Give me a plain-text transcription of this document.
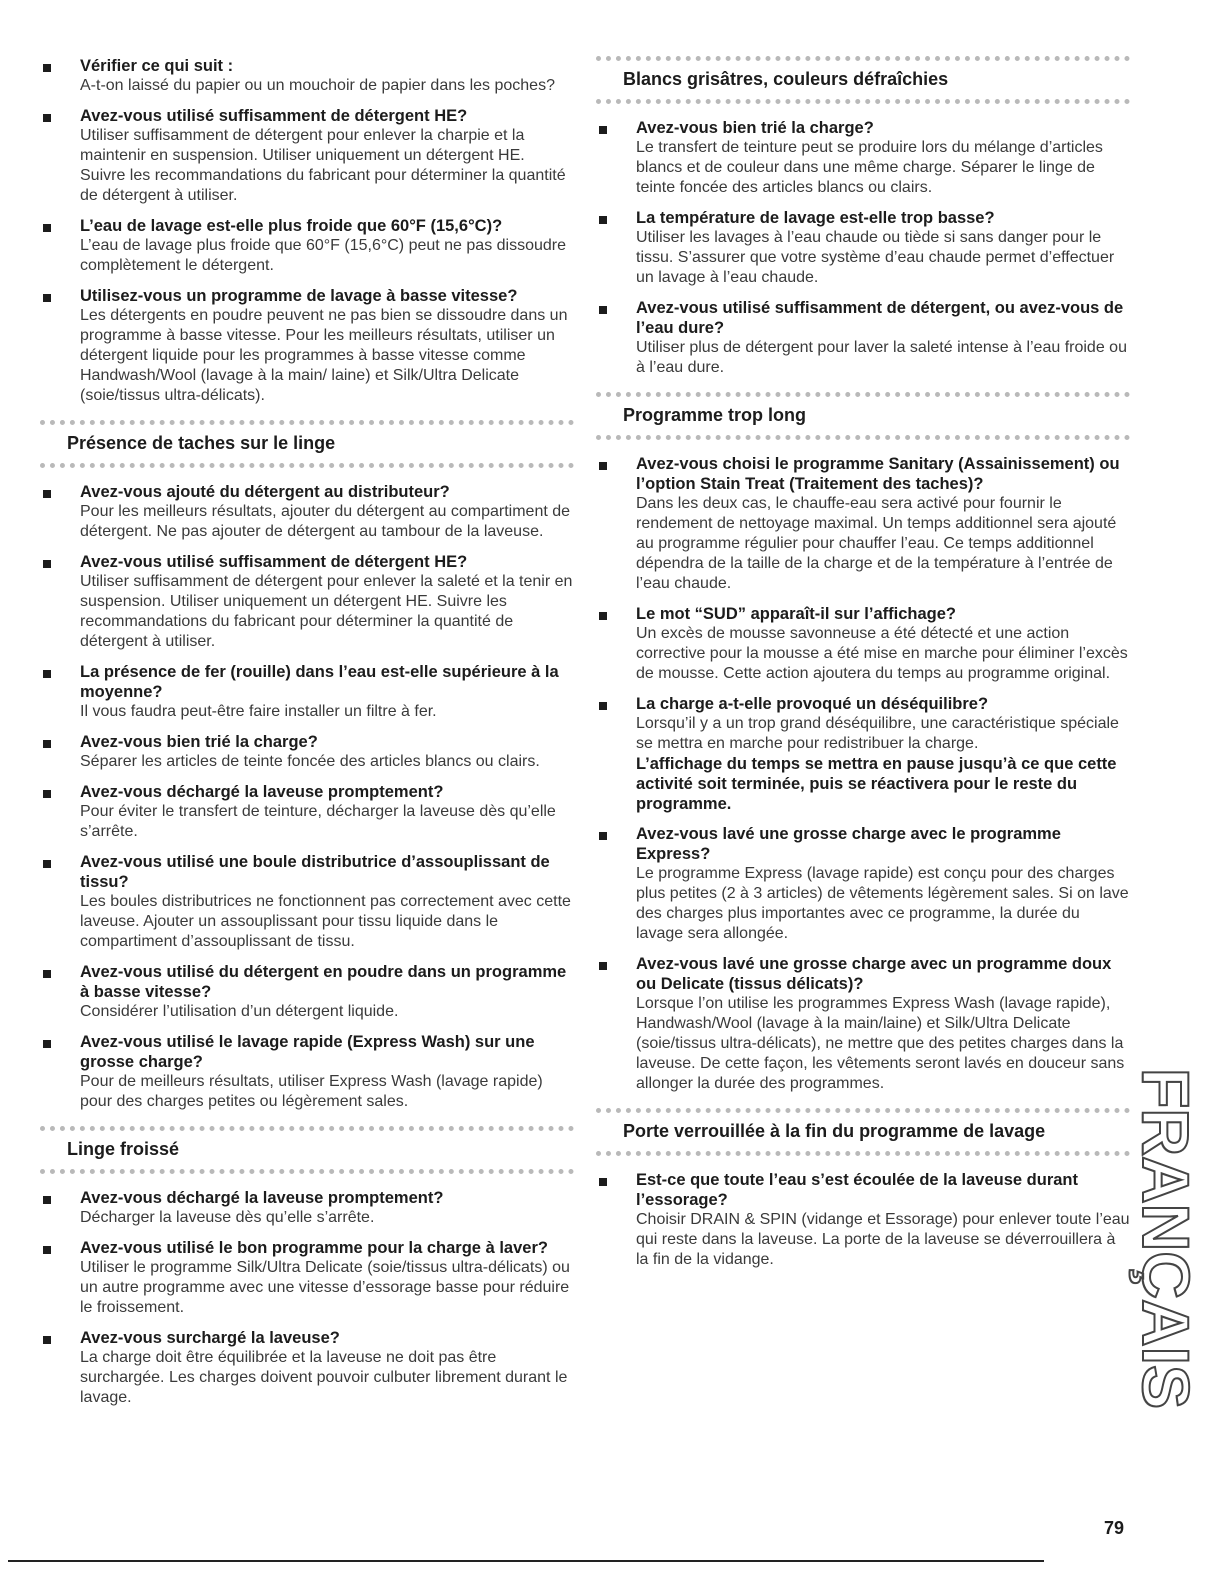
Vérifier ce qui suit :
A-t-on laissé du papier ou un mouchoir de papier dans les poches?
Avez-vous utilisé suffisamment de détergent HE?
Utiliser suffisamment de détergent pour enlever la charpie et la maintenir en suspension. Utiliser uniquement un détergent HE. Suivre les recommandations du fabricant pour déterminer la quantité de détergent à utiliser.
L’eau de lavage est-elle plus froide que 60°F (15,6°C)?
L’eau de lavage plus froide que 60°F (15,6°C) peut ne pas dissoudre complètement le détergent.
Utilisez-vous un programme de lavage à basse vitesse?
Les détergents en poudre peuvent ne pas bien se dissoudre dans un programme à basse vitesse. Pour les meilleurs résultats, utiliser un détergent liquide pour les programmes à basse vitesse comme Handwash/Wool (lavage à la main/ laine) et Silk/Ultra Delicate (soie/tissus ultra-délicats).
Présence de taches sur le linge
Avez-vous ajouté du détergent au distributeur?
Pour les meilleurs résultats, ajouter du détergent au compartiment de détergent. Ne pas ajouter de détergent au tambour de la laveuse.
Avez-vous utilisé suffisamment de détergent HE?
Utiliser suffisamment de détergent pour enlever la saleté et la tenir en suspension. Utiliser uniquement un détergent HE. Suivre les recommandations du fabricant pour déterminer la quantité de détergent à utiliser.
La présence de fer (rouille) dans l’eau est-elle supérieure à la moyenne?
Il vous faudra peut-être faire installer un filtre à fer.
Avez-vous bien trié la charge?
Séparer les articles de teinte foncée des articles blancs ou clairs.
Avez-vous déchargé la laveuse promptement?
Pour éviter le transfert de teinture, décharger la laveuse dès qu’elle s’arrête.
Avez-vous utilisé une boule distributrice d’assouplissant de tissu?
Les boules distributrices ne fonctionnent pas correctement avec cette laveuse. Ajouter un assouplissant pour tissu liquide dans le compartiment d’assouplissant de tissu.
Avez-vous utilisé du détergent en poudre dans un programme à basse vitesse?
Considérer l’utilisation d’un détergent liquide.
Avez-vous utilisé le lavage rapide (Express Wash) sur une grosse charge?
Pour de meilleurs résultats, utiliser Express Wash (lavage rapide) pour des charges petites ou légèrement sales.
Linge froissé
Avez-vous déchargé la laveuse promptement?
Décharger la laveuse dès qu’elle s’arrête.
Avez-vous utilisé le bon programme pour la charge à laver?
Utiliser le programme Silk/Ultra Delicate (soie/tissus ultra-délicats) ou un autre programme avec une vitesse d’essorage basse pour réduire le froissement.
Avez-vous surchargé la laveuse?
La charge doit être équilibrée et la laveuse ne doit pas être surchargée. Les charges doivent pouvoir culbuter librement durant le lavage.
Blancs grisâtres, couleurs défraîchies
Avez-vous bien trié la charge?
Le transfert de teinture peut se produire lors du mélange d’articles blancs et de couleur dans une même charge. Séparer le linge de teinte foncée des articles blancs ou clairs.
La température de lavage est-elle trop basse?
Utiliser les lavages à l’eau chaude ou tiède si sans danger pour le tissu. S’assurer que votre système d’eau chaude permet d’effectuer un lavage à l’eau chaude.
Avez-vous utilisé suffisamment de détergent, ou avez-vous de l’eau dure?
Utiliser plus de détergent pour laver la saleté intense à l’eau froide ou à l’eau dure.
Programme trop long
Avez-vous choisi le programme Sanitary (Assainissement) ou l’option Stain Treat (Traitement des taches)?
Dans les deux cas, le chauffe-eau sera activé pour fournir le rendement de nettoyage maximal. Un temps additionnel sera ajouté au programme régulier pour chauffer l’eau. Ce temps additionnel dépendra de la taille de la charge et de la température à l’entrée de l’eau chaude.
Le mot “SUD” apparaît-il sur l’affichage?
Un excès de mousse savonneuse a été détecté et une action corrective pour la mousse a été mise en marche pour éliminer l’excès de mousse. Cette action ajoutera du temps au programme original.
La charge a-t-elle provoqué un déséquilibre?
Lorsqu’il y a un trop grand déséquilibre, une caractéristique spéciale se mettra en marche pour redistribuer la charge.
L’affichage du temps se mettra en pause jusqu’à ce que cette activité soit terminée, puis se réactivera pour le reste du programme.
Avez-vous lavé une grosse charge avec le programme Express?
Le programme Express (lavage rapide) est conçu pour des charges plus petites (2 à 3 articles) de vêtements légèrement sales. Si on lave des charges plus importantes avec ce programme, la durée du lavage sera allongée.
Avez-vous lavé une grosse charge avec un programme doux ou Delicate (tissus délicats)?
Lorsque l’on utilise les programmes Express Wash (lavage rapide), Handwash/Wool (lavage à la main/laine) et Silk/Ultra Delicate (soie/tissus ultra-délicats), ne mettre que des petites charges dans la laveuse. De cette façon, les vêtements seront lavés en douceur sans allonger la durée des programmes.
Porte verrouillée à la fin du programme de lavage
Est-ce que toute l’eau s’est écoulée de la laveuse durant l’essorage?
Choisir DRAIN & SPIN (vidange et Essorage) pour enlever toute l’eau qui reste dans la laveuse. La porte de la laveuse se déverrouillera à la fin de la vidange.	FRANÇAIS
79
